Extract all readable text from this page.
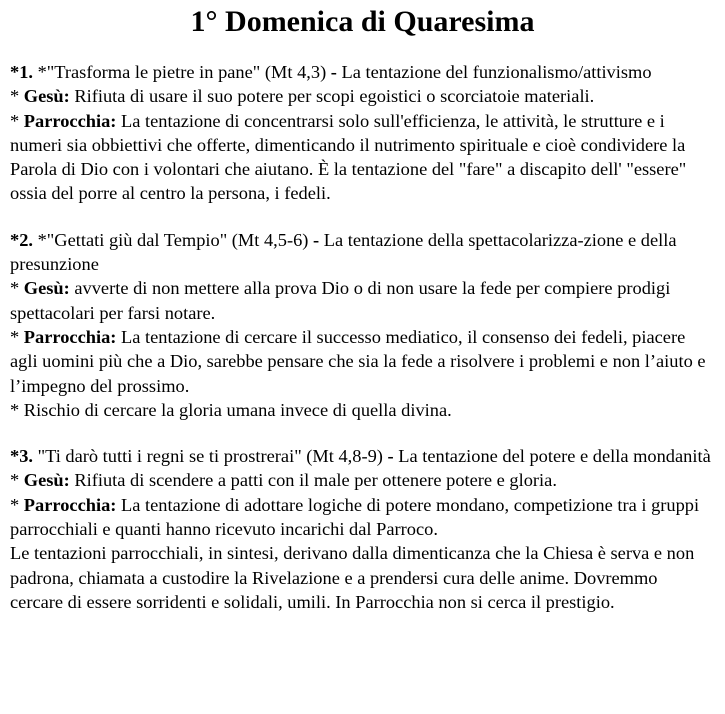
1° Domenica di Quaresima

*1. *"Trasforma le pietre in pane" (Mt 4,3) - La tentazione del funzionalismo/attivismo

* Gesù: Rifiuta di usare il suo potere per scopi egoistici o scorciatoie materiali.

* Parrocchia: La tentazione di concentrarsi solo sull'efficienza, le attività, le strutture e i numeri sia obbiettivi che offerte, dimenticando il nutrimento spirituale e cioè condividere la Parola di Dio con i volontari che aiutano. È la tentazione del "fare" a discapito dell' "essere" ossia del porre al centro la persona, i fedeli.

*2. *"Gettati giù dal Tempio" (Mt 4,5-6) - La tentazione della spettacolarizza-zione e della presunzione

* Gesù: avverte di non mettere alla prova Dio o di non usare la fede per compiere prodigi spettacolari per farsi notare.

* Parrocchia: La tentazione di cercare il successo mediatico, il consenso dei fedeli, piacere agli uomini più che a Dio, sarebbe pensare che sia la fede a risolvere i problemi e non l’aiuto e l’impegno del prossimo.

* Rischio di cercare la gloria umana invece di quella divina.

*3. "Ti darò tutti i regni se ti prostrerai" (Mt 4,8-9) - La tentazione del potere e della mondanità

* Gesù: Rifiuta di scendere a patti con il male per ottenere potere e gloria.

* Parrocchia: La tentazione di adottare logiche di potere mondano, competizione tra i gruppi parrocchiali e quanti hanno ricevuto incarichi dal Parroco.

Le tentazioni parrocchiali, in sintesi, derivano dalla dimenticanza che la Chiesa è serva e non padrona, chiamata a custodire la Rivelazione e a prendersi cura delle anime. Dovremmo cercare di essere sorridenti e solidali, umili. In Parrocchia non si cerca il prestigio.
